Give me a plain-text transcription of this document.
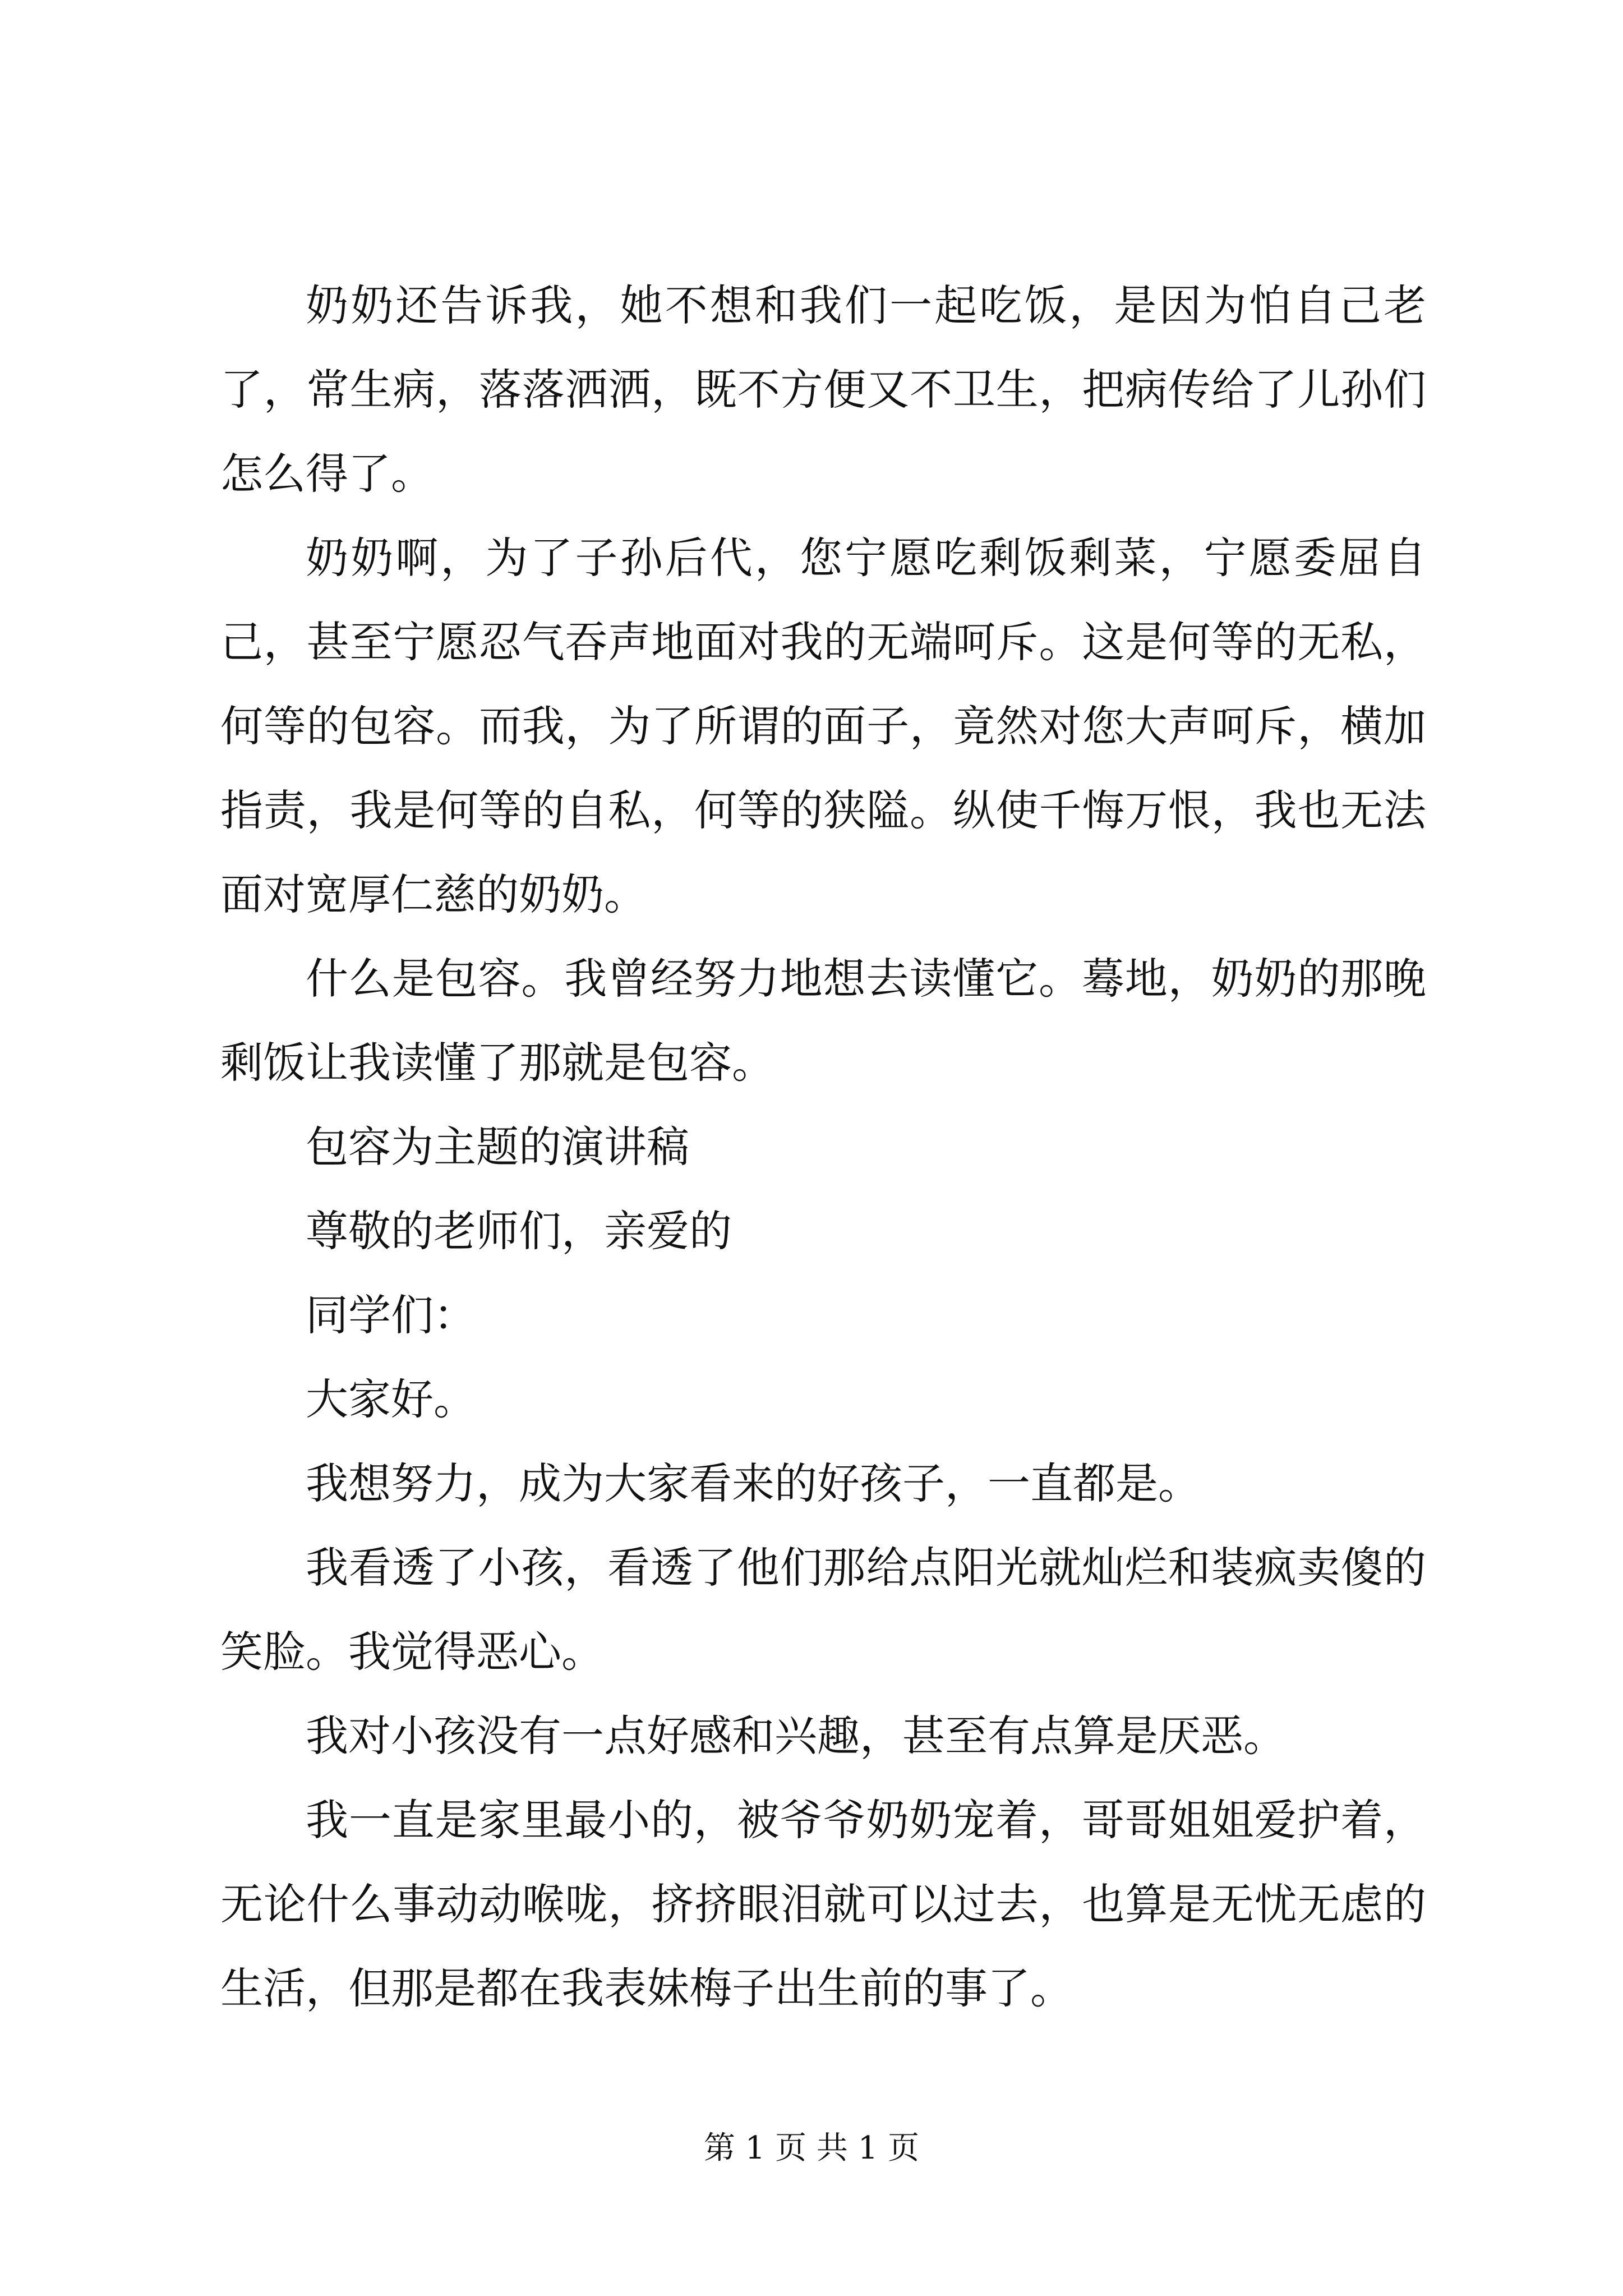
奶奶还告诉我，她不想和我们一起吃饭，是因为怕自己老了，常生病，落落洒洒，既不方便又不卫生，把病传给了儿孙们怎么得了。

奶奶啊，为了子孙后代，您宁愿吃剩饭剩菜，宁愿委屈自己，甚至宁愿忍气吞声地面对我的无端呵斥。这是何等的无私，何等的包容。而我，为了所谓的面子，竟然对您大声呵斥，横加指责，我是何等的自私，何等的狭隘。纵使千悔万恨，我也无法面对宽厚仁慈的奶奶。

什么是包容。我曾经努力地想去读懂它。蓦地，奶奶的那晚剩饭让我读懂了那就是包容。

包容为主题的演讲稿

尊敬的老师们，亲爱的

同学们：

大家好。

我想努力，成为大家看来的好孩子，一直都是。

我看透了小孩，看透了他们那给点阳光就灿烂和装疯卖傻的笑脸。我觉得恶心。

我对小孩没有一点好感和兴趣，甚至有点算是厌恶。

我一直是家里最小的，被爷爷奶奶宠着，哥哥姐姐爱护着，无论什么事动动喉咙，挤挤眼泪就可以过去，也算是无忧无虑的生活，但那是都在我表妹梅子出生前的事了。

第 1 页 共 1 页
